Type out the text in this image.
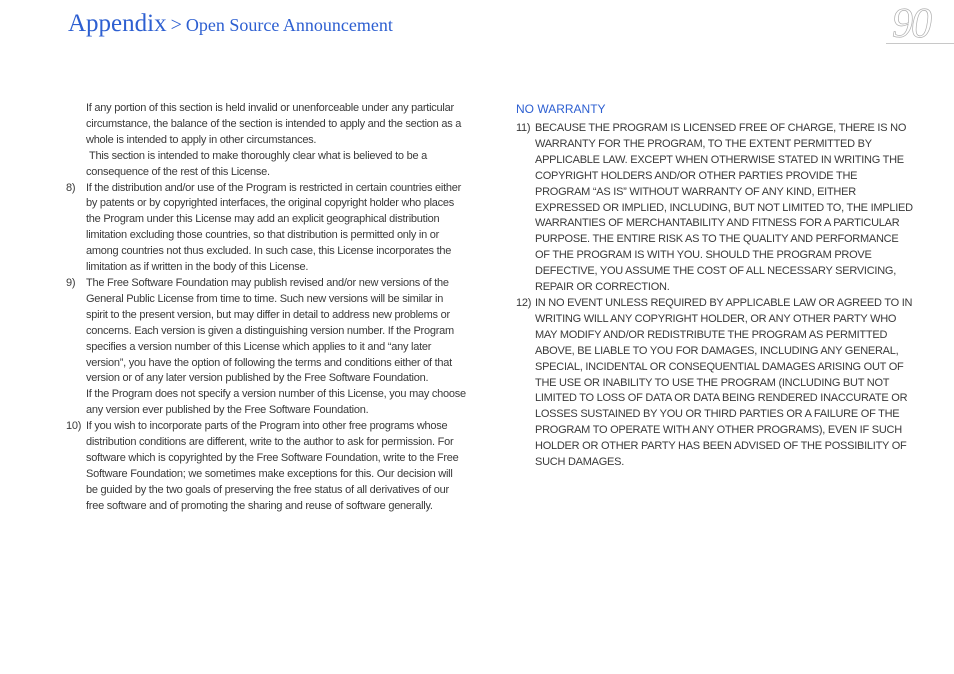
Appendix > Open Source Announcement	90
If any portion of this section is held invalid or unenforceable under any particular circumstance, the balance of the section is intended to apply and the section as a whole is intended to apply in other circumstances.
This section is intended to make thoroughly clear what is believed to be a consequence of the rest of this License.
8) If the distribution and/or use of the Program is restricted in certain countries either by patents or by copyrighted interfaces, the original copyright holder who places the Program under this License may add an explicit geographical distribution limitation excluding those countries, so that distribution is permitted only in or among countries not thus excluded. In such case, this License incorporates the limitation as if written in the body of this License.
9) The Free Software Foundation may publish revised and/or new versions of the General Public License from time to time. Such new versions will be similar in spirit to the present version, but may differ in detail to address new problems or concerns. Each version is given a distinguishing version number. If the Program specifies a version number of this License which applies to it and “any later version”, you have the option of following the terms and conditions either of that version or of any later version published by the Free Software Foundation.
If the Program does not specify a version number of this License, you may choose any version ever published by the Free Software Foundation.
10) If you wish to incorporate parts of the Program into other free programs whose distribution conditions are different, write to the author to ask for permission. For software which is copyrighted by the Free Software Foundation, write to the Free Software Foundation; we sometimes make exceptions for this. Our decision will be guided by the two goals of preserving the free status of all derivatives of our free software and of promoting the sharing and reuse of software generally.
NO WARRANTY
11) BECAUSE THE PROGRAM IS LICENSED FREE OF CHARGE, THERE IS NO WARRANTY FOR THE PROGRAM, TO THE EXTENT PERMITTED BY APPLICABLE LAW. EXCEPT WHEN OTHERWISE STATED IN WRITING THE COPYRIGHT HOLDERS AND/OR OTHER PARTIES PROVIDE THE PROGRAM “AS IS” WITHOUT WARRANTY OF ANY KIND, EITHER EXPRESSED OR IMPLIED, INCLUDING, BUT NOT LIMITED TO, THE IMPLIED WARRANTIES OF MERCHANTABILITY AND FITNESS FOR A PARTICULAR PURPOSE. THE ENTIRE RISK AS TO THE QUALITY AND PERFORMANCE OF THE PROGRAM IS WITH YOU. SHOULD THE PROGRAM PROVE DEFECTIVE, YOU ASSUME THE COST OF ALL NECESSARY SERVICING, REPAIR OR CORRECTION.
12) IN NO EVENT UNLESS REQUIRED BY APPLICABLE LAW OR AGREED TO IN WRITING WILL ANY COPYRIGHT HOLDER, OR ANY OTHER PARTY WHO MAY MODIFY AND/OR REDISTRIBUTE THE PROGRAM AS PERMITTED ABOVE, BE LIABLE TO YOU FOR DAMAGES, INCLUDING ANY GENERAL, SPECIAL, INCIDENTAL OR CONSEQUENTIAL DAMAGES ARISING OUT OF THE USE OR INABILITY TO USE THE PROGRAM (INCLUDING BUT NOT LIMITED TO LOSS OF DATA OR DATA BEING RENDERED INACCURATE OR LOSSES SUSTAINED BY YOU OR THIRD PARTIES OR A FAILURE OF THE PROGRAM TO OPERATE WITH ANY OTHER PROGRAMS), EVEN IF SUCH HOLDER OR OTHER PARTY HAS BEEN ADVISED OF THE POSSIBILITY OF SUCH DAMAGES.
